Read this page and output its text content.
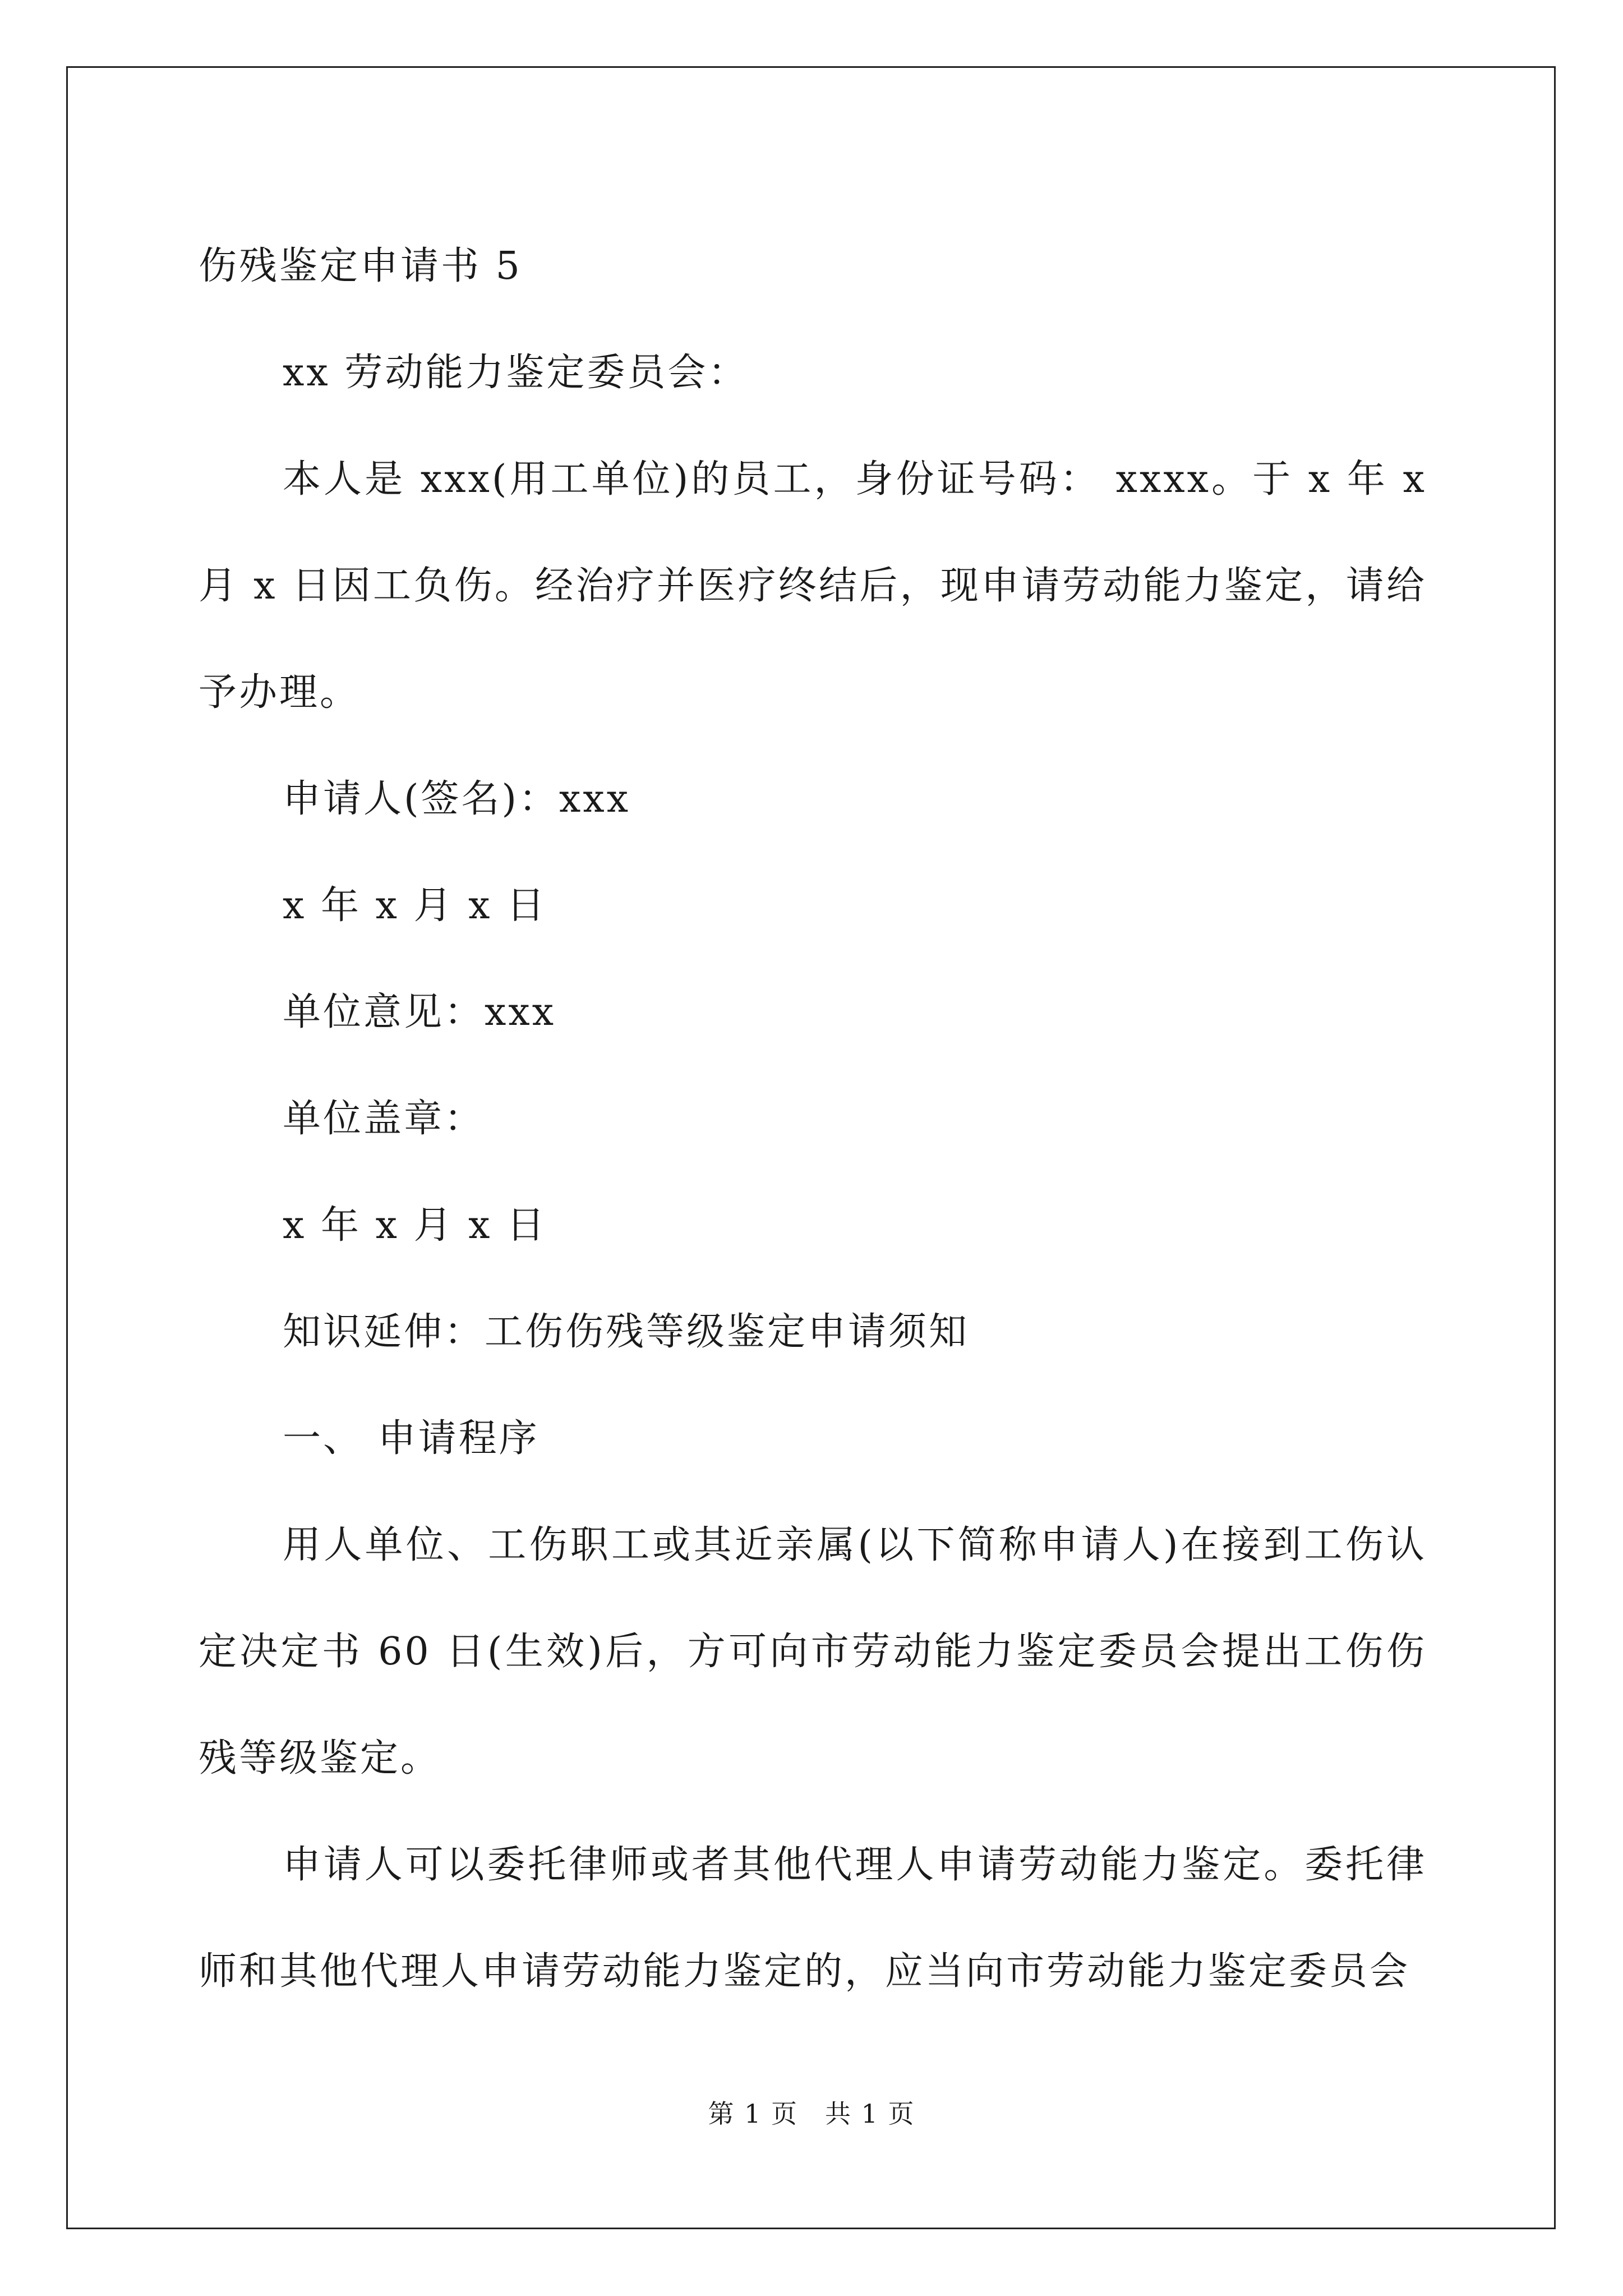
伤残鉴定申请书 5
xx 劳动能力鉴定委员会：
本人是 xxx(用工单位)的员工，身份证号码： xxxx。于 x 年 x 月 x 日因工负伤。经治疗并医疗终结后，现申请劳动能力鉴定，请给予办理。
申请人(签名)：xxx
x 年 x 月 x 日
单位意见：xxx
单位盖章：
x 年 x 月 x 日
知识延伸：工伤伤残等级鉴定申请须知
一、 申请程序
用人单位、工伤职工或其近亲属(以下简称申请人)在接到工伤认定决定书 60 日(生效)后，方可向市劳动能力鉴定委员会提出工伤伤残等级鉴定。
申请人可以委托律师或者其他代理人申请劳动能力鉴定。委托律师和其他代理人申请劳动能力鉴定的，应当向市劳动能力鉴定委员会
第 1 页　共 1 页
